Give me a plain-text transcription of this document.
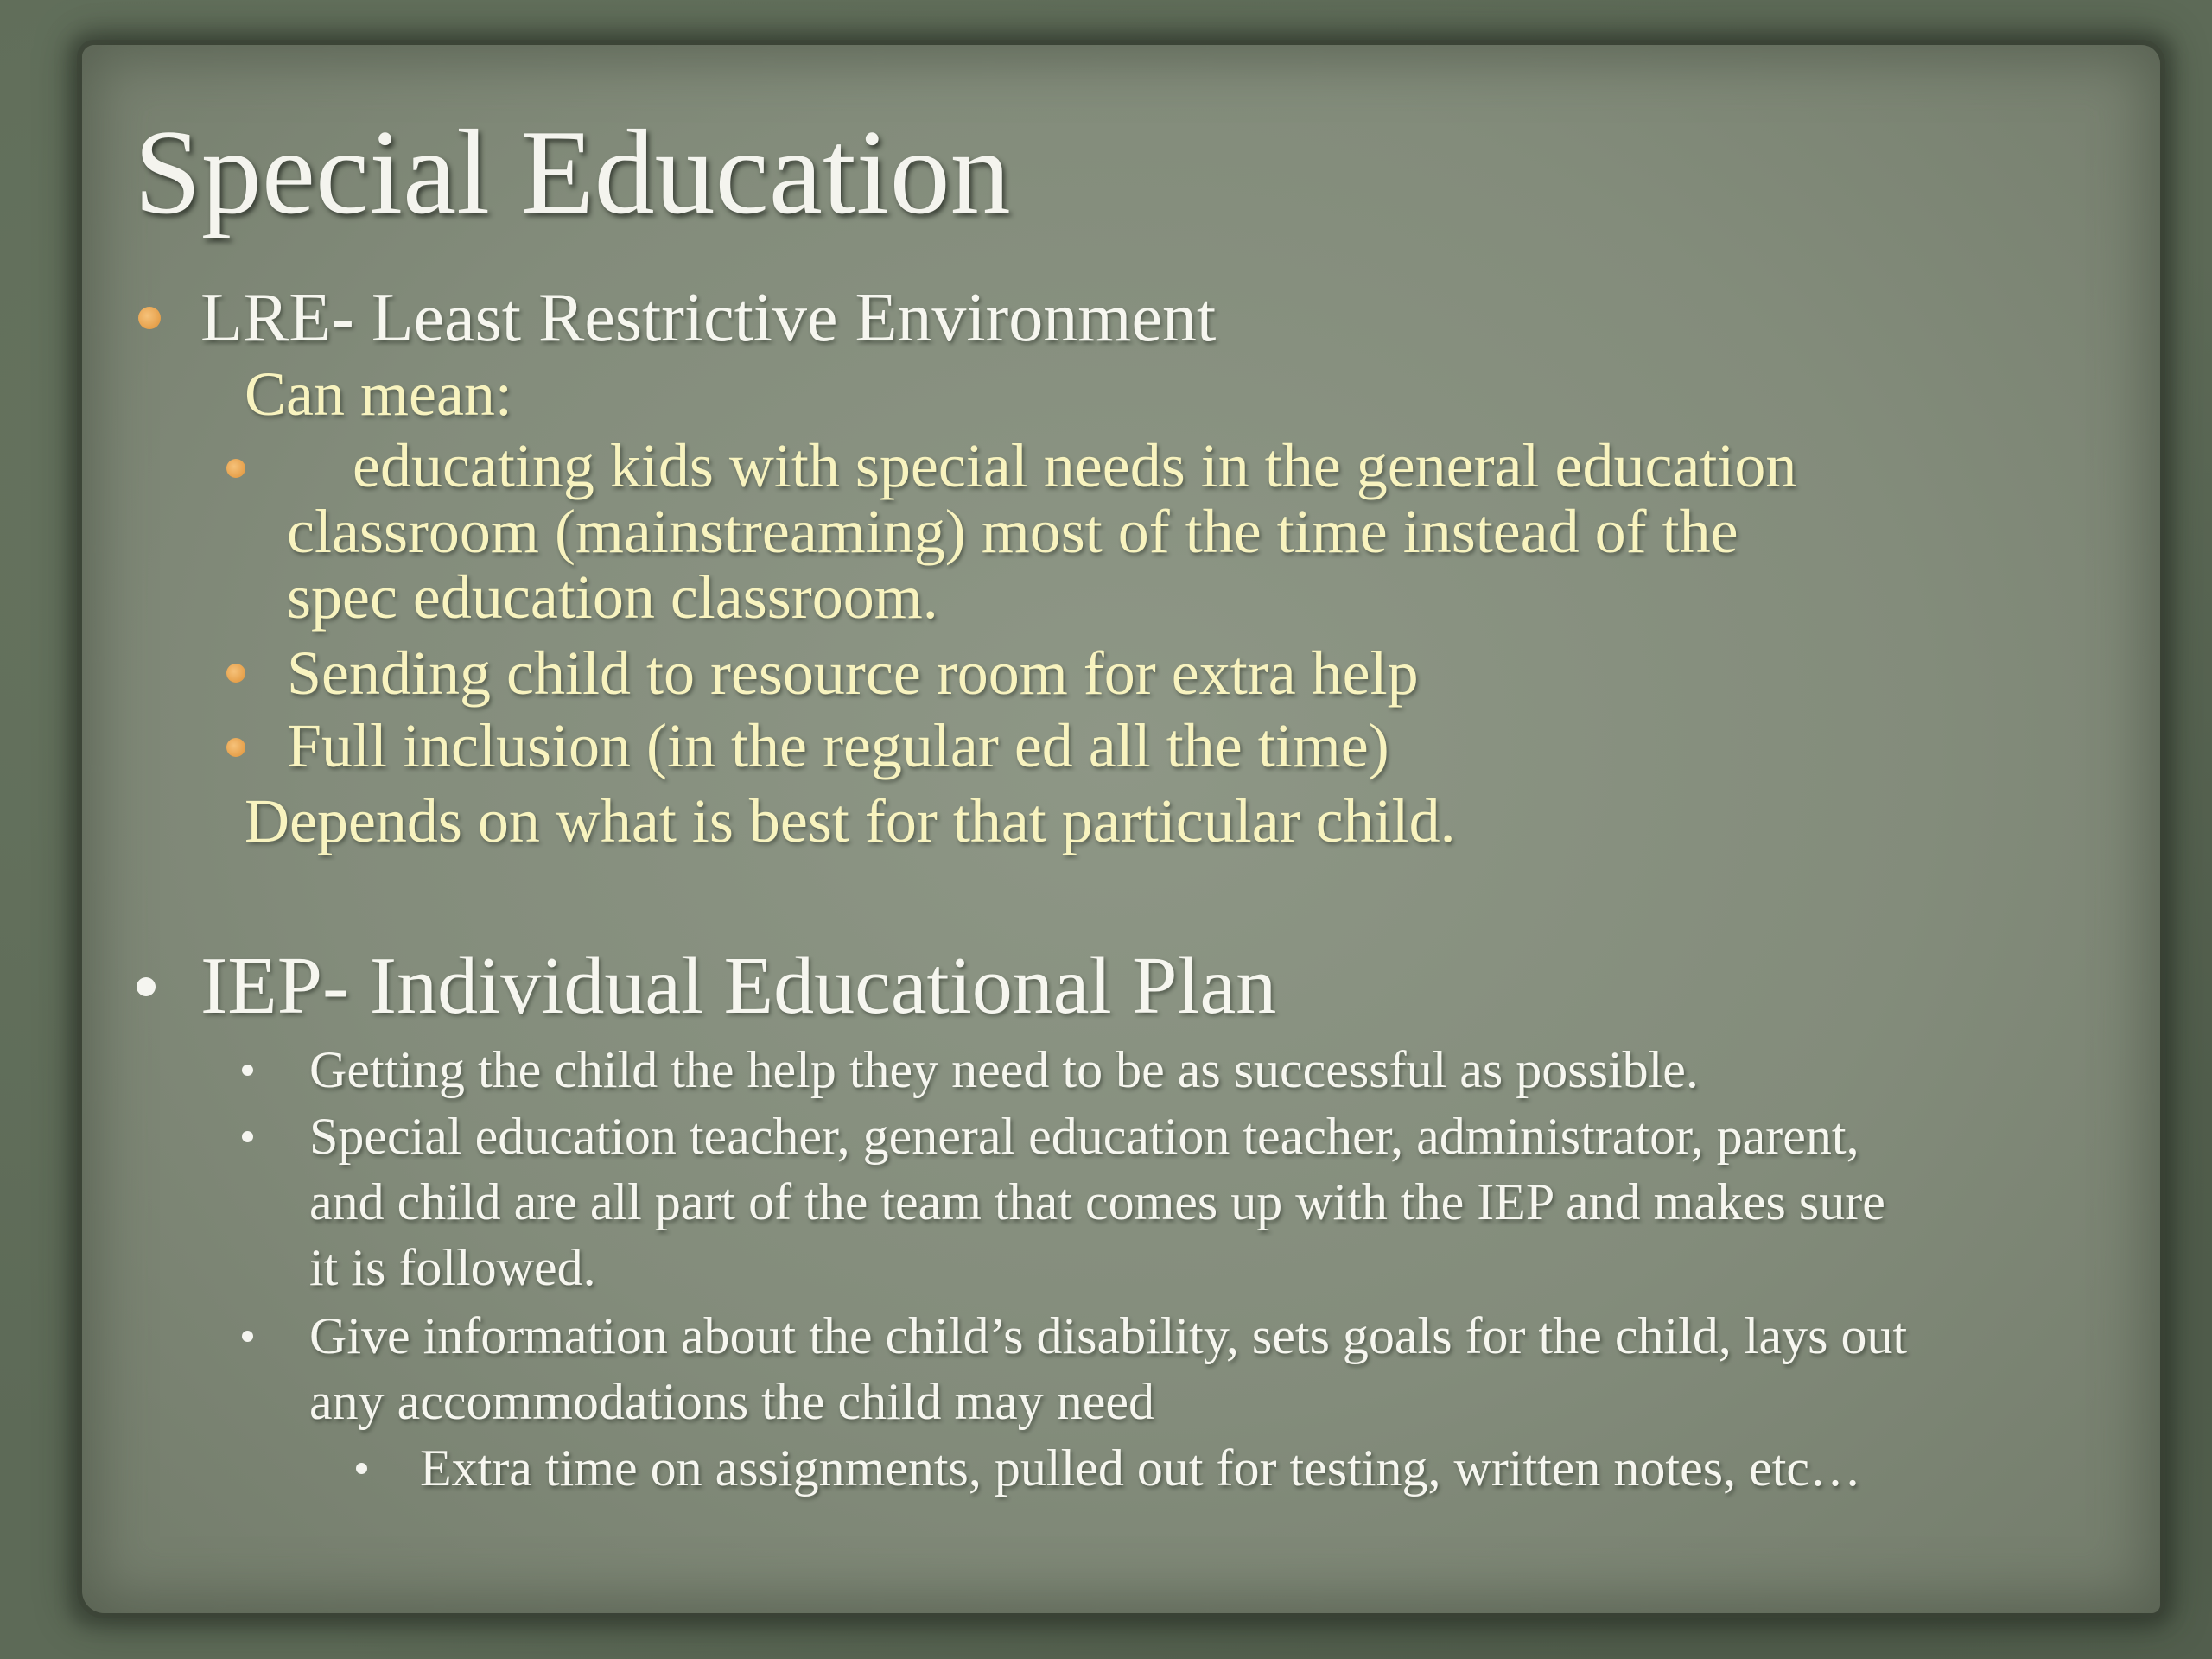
Special Education
LRE- Least Restrictive Environment
Can mean:
educating kids with special needs in the general education
classroom (mainstreaming) most of the time instead of the
spec education classroom.
Sending child to resource room for extra help
Full inclusion (in the regular ed all the time)
Depends on what is best for that particular child.
IEP- Individual Educational Plan
Getting the child the help they need to be as successful as possible.
Special education teacher, general education teacher, administrator, parent,
and child are all part of the team that comes up with the IEP and makes sure
it is followed.
Give information about the child’s disability, sets goals for the child, lays out
any accommodations the child may need
Extra time on assignments, pulled out for testing, written notes, etc…
